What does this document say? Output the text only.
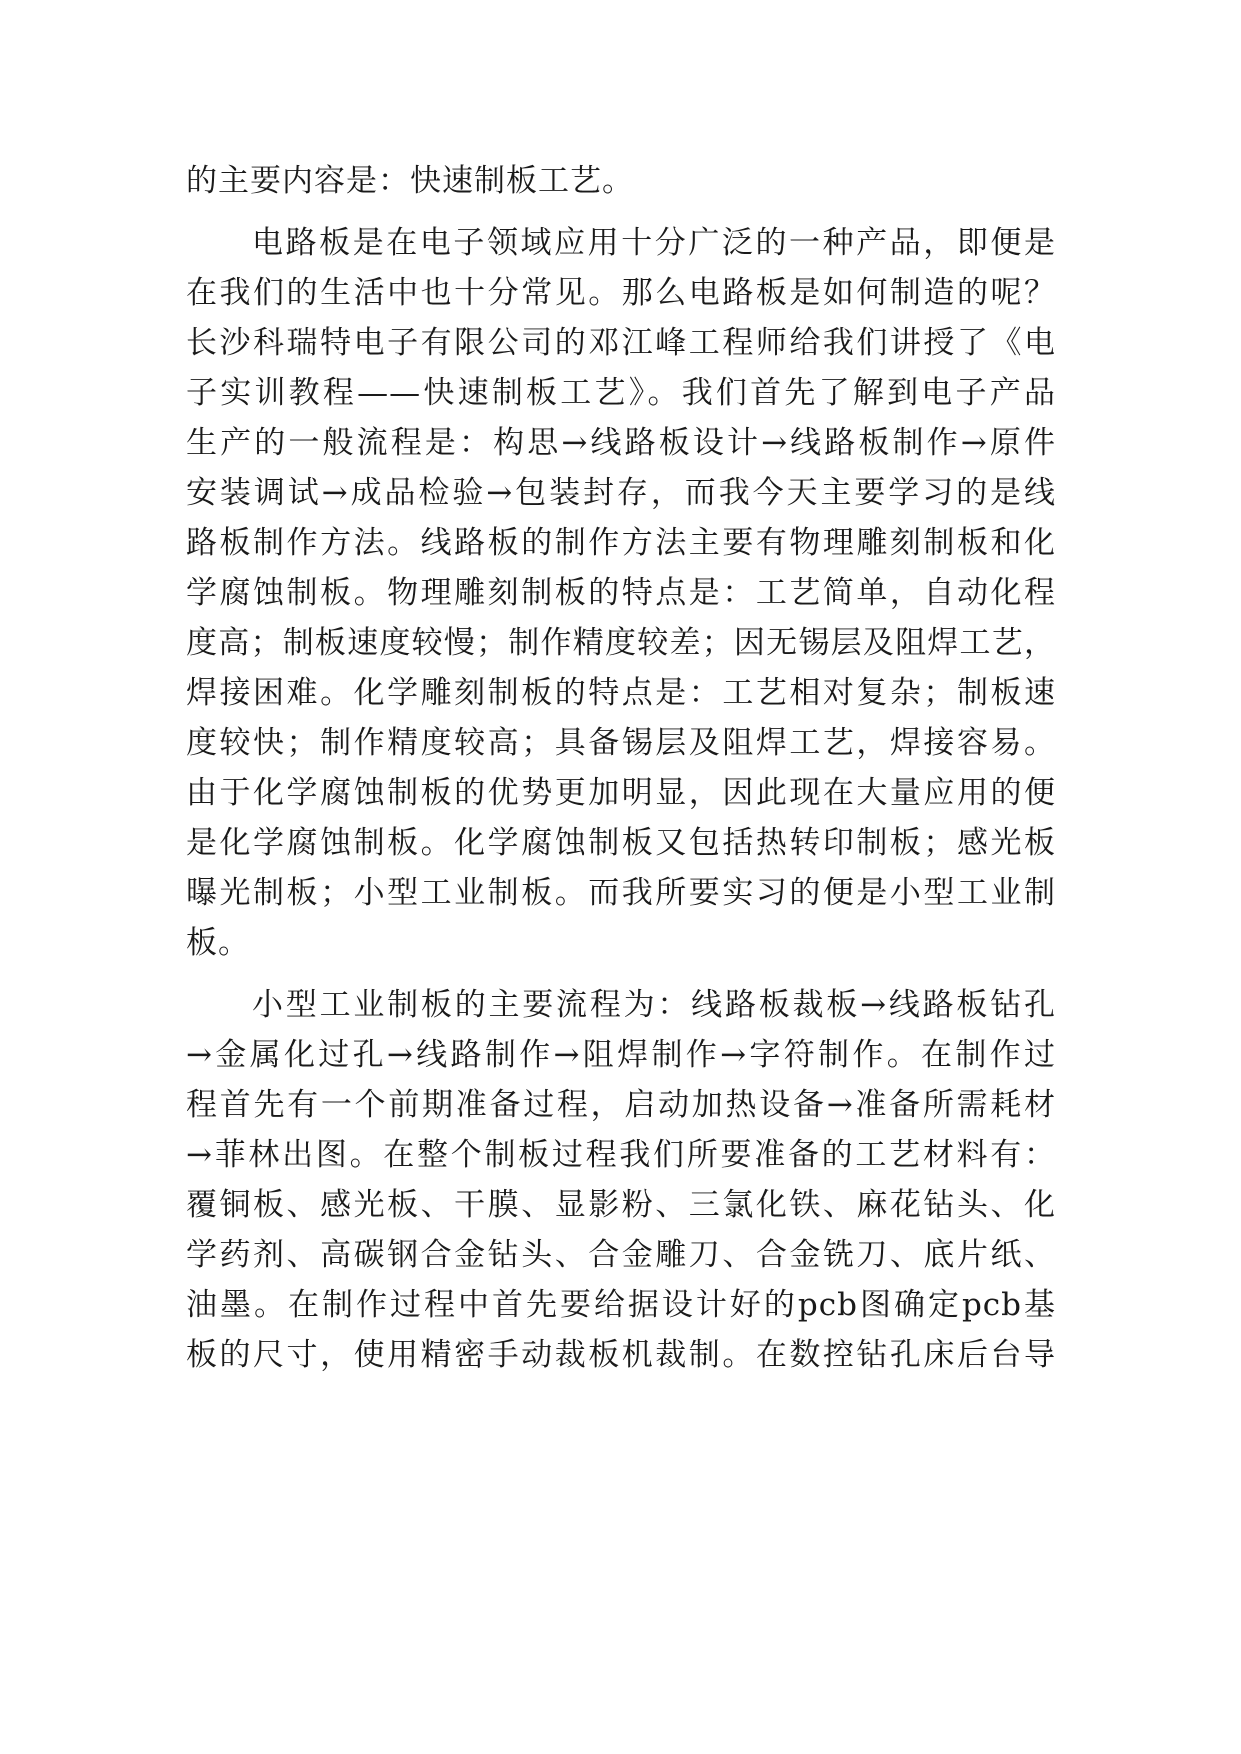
的主要内容是：快速制板工艺。
电路板是在电子领域应用十分广泛的一种产品，即便是
在我们的生活中也十分常见。那么电路板是如何制造的呢？
长沙科瑞特电子有限公司的邓江峰工程师给我们讲授了《电
子实训教程——快速制板工艺》。我们首先了解到电子产品
生产的一般流程是：构思→线路板设计→线路板制作→原件
安装调试→成品检验→包装封存，而我今天主要学习的是线
路板制作方法。线路板的制作方法主要有物理雕刻制板和化
学腐蚀制板。物理雕刻制板的特点是：工艺简单，自动化程
度高；制板速度较慢；制作精度较差；因无锡层及阻焊工艺，
焊接困难。化学雕刻制板的特点是：工艺相对复杂；制板速
度较快；制作精度较高；具备锡层及阻焊工艺，焊接容易。
由于化学腐蚀制板的优势更加明显，因此现在大量应用的便
是化学腐蚀制板。化学腐蚀制板又包括热转印制板；感光板
曝光制板；小型工业制板。而我所要实习的便是小型工业制
板。
小型工业制板的主要流程为：线路板裁板→线路板钻孔
→金属化过孔→线路制作→阻焊制作→字符制作。在制作过
程首先有一个前期准备过程，启动加热设备→准备所需耗材
→菲林出图。在整个制板过程我们所要准备的工艺材料有：
覆铜板、感光板、干膜、显影粉、三氯化铁、麻花钻头、化
学药剂、高碳钢合金钻头、合金雕刀、合金铣刀、底片纸、
油墨。在制作过程中首先要给据设计好的pcb图确定pcb基
板的尺寸，使用精密手动裁板机裁制。在数控钻孔床后台导
